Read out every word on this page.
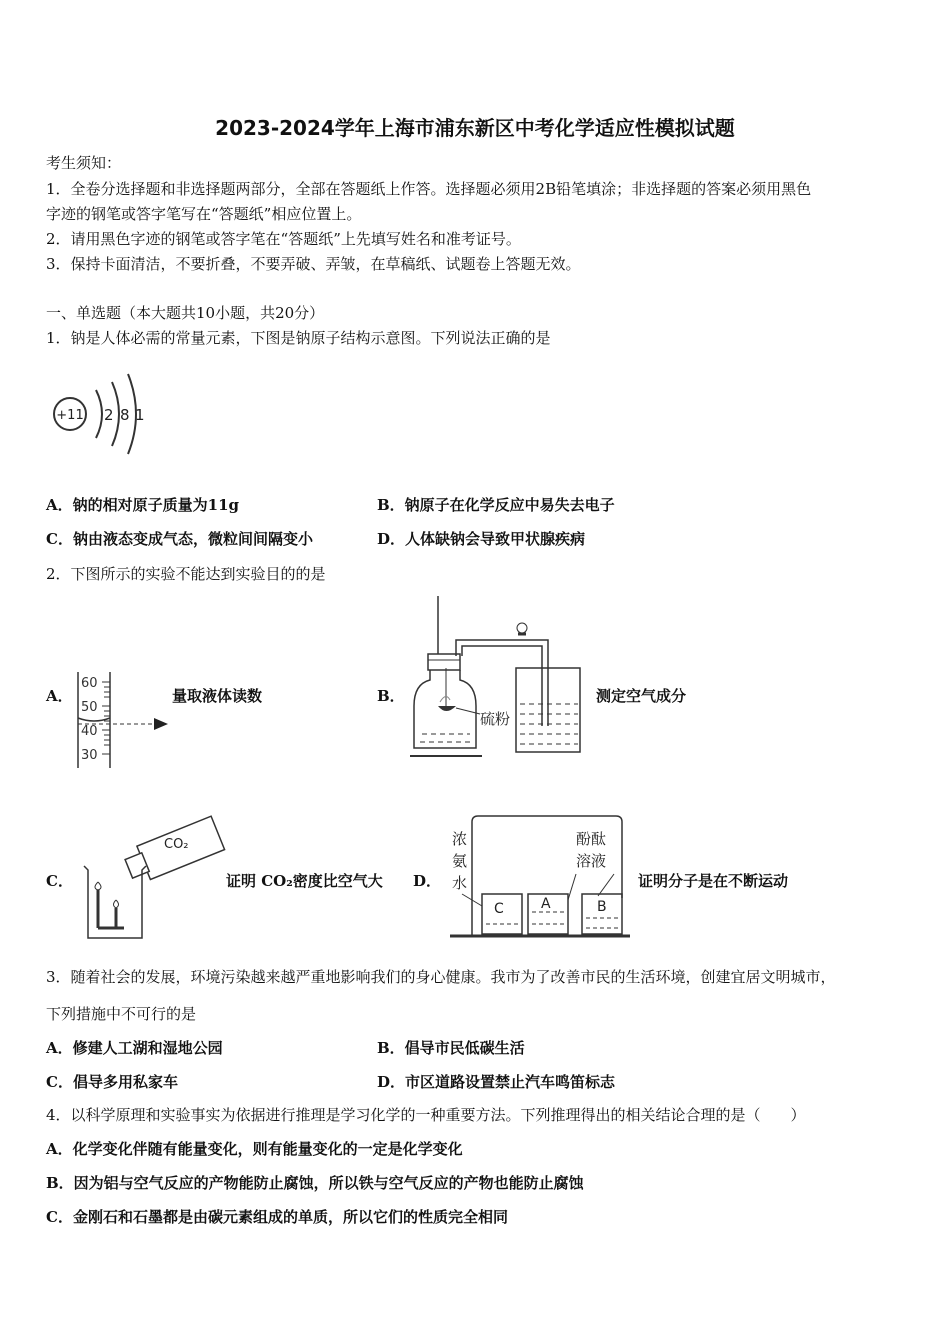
2023-2024学年上海市浦东新区中考化学适应性模拟试题
考生须知：
1．全卷分选择题和非选择题两部分，全部在答题纸上作答。选择题必须用2B铅笔填涂；非选择题的答案必须用黑色
字迹的钢笔或答字笔写在“答题纸”相应位置上。
2．请用黑色字迹的钢笔或答字笔在“答题纸”上先填写姓名和准考证号。
3．保持卡面清洁，不要折叠，不要弄破、弄皱，在草稿纸、试题卷上答题无效。
一、单选题（本大题共10小题，共20分）
1．钠是人体必需的常量元素，下图是钠原子结构示意图。下列说法正确的是
+11 2 8 1
A．钠的相对原子质量为11g	B．钠原子在化学反应中易失去电子
C．钠由液态变成气态，微粒间间隔变小	D．人体缺钠会导致甲状腺疾病
2．下图所示的实验不能达到实验目的的是
A．
60
50
40
30
量取液体读数	B．
硫粉
测定空气成分
C．
CO₂
证明 CO₂密度比空气大 D．
浓
氨
水
酚酞
溶液
C	A	B
证明分子是在不断运动
3．随着社会的发展，环境污染越来越严重地影响我们的身心健康。我市为了改善市民的生活环境，创建宜居文明城市，
下列措施中不可行的是
A．修建人工湖和湿地公园	B．倡导市民低碳生活
C．倡导多用私家车	D．市区道路设置禁止汽车鸣笛标志
4．以科学原理和实验事实为依据进行推理是学习化学的一种重要方法。下列推理得出的相关结论合理的是（　　）
A．化学变化伴随有能量变化，则有能量变化的一定是化学变化
B．因为铝与空气反应的产物能防止腐蚀，所以铁与空气反应的产物也能防止腐蚀
C．金刚石和石墨都是由碳元素组成的单质，所以它们的性质完全相同
